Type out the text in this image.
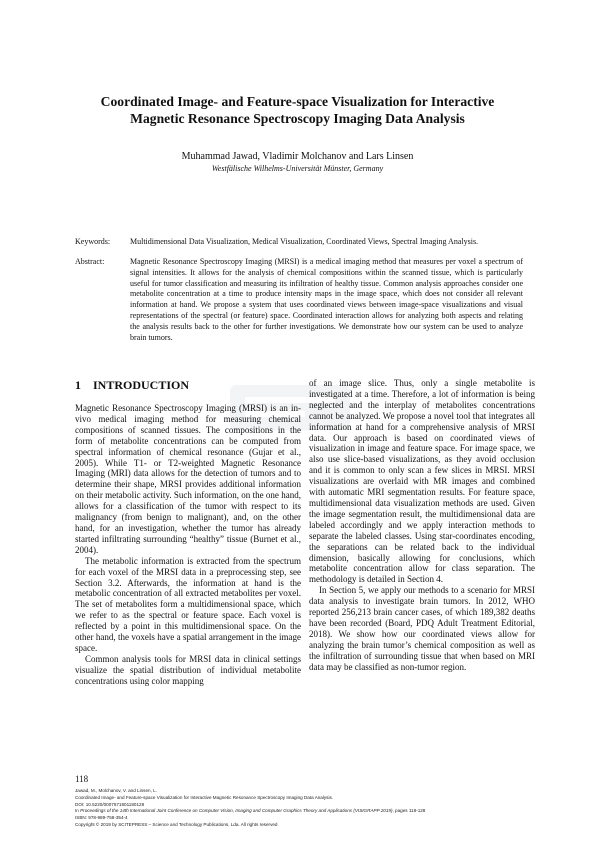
Coordinated Image- and Feature-space Visualization for Interactive
Magnetic Resonance Spectroscopy Imaging Data Analysis
Muhammad Jawad, Vladimir Molchanov and Lars Linsen
Westfälische Wilhelms-Universität Münster, Germany
Keywords: Multidimensional Data Visualization, Medical Visualization, Coordinated Views, Spectral Imaging Analysis.
Abstract:	Magnetic Resonance Spectroscopy Imaging (MRSI) is a medical imaging method that measures per voxel a spectrum of signal intensities. It allows for the analysis of chemical compositions within the scanned tissue, which is particularly useful for tumor classification and measuring its infiltration of healthy tissue. Common analysis approaches consider one metabolite concentration at a time to produce intensity maps in the image space, which does not consider all relevant information at hand. We propose a system that uses coordinated views between image-space visualizations and visual representations of the spectral (or feature) space. Coordinated interaction allows for analyzing both aspects and relating the analysis results back to the other for further investigations. We demonstrate how our system can be used to analyze brain tumors.
1 INTRODUCTION

Magnetic Resonance Spectroscopy Imaging (MRSI) is an in-vivo medical imaging method for measuring chemical compositions of scanned tissues. The compositions in the form of metabolite concentrations can be computed from spectral information of chemical resonance (Gujar et al., 2005). While T1- or T2-weighted Magnetic Resonance Imaging (MRI) data allows for the detection of tumors and to determine their shape, MRSI provides additional information on their metabolic activity. Such information, on the one hand, allows for a classification of the tumor with respect to its malignancy (from benign to malignant), and, on the other hand, for an investigation, whether the tumor has already started infiltrating surrounding “healthy” tissue (Burnet et al., 2004).

The metabolic information is extracted from the spectrum for each voxel of the MRSI data in a preprocessing step, see Section 3.2. Afterwards, the information at hand is the metabolic concentration of all extracted metabolites per voxel. The set of metabolites form a multidimensional space, which we refer to as the spectral or feature space. Each voxel is reflected by a point in this multidimensional space. On the other hand, the voxels have a spatial arrangement in the image space.

Common analysis tools for MRSI data in clinical settings visualize the spatial distribution of individual metabolite concentrations using color mapping

of an image slice. Thus, only a single metabolite is investigated at a time. Therefore, a lot of information is being neglected and the interplay of metabolites concentrations cannot be analyzed. We propose a novel tool that integrates all information at hand for a comprehensive analysis of MRSI data. Our approach is based on coordinated views of visualization in image and feature space. For image space, we also use slice-based visualizations, as they avoid occlusion and it is common to only scan a few slices in MRSI. MRSI visualizations are overlaid with MR images and combined with automatic MRI segmentation results. For feature space, multidimensional data visualization methods are used. Given the image segmentation result, the multidimensional data are labeled accordingly and we apply interaction methods to separate the labeled classes. Using star-coordinates encoding, the separations can be related back to the individual dimension, basically allowing for conclusions, which metabolite concentration allow for class separation. The methodology is detailed in Section 4.

In Section 5, we apply our methods to a scenario for MRSI data analysis to investigate brain tumors. In 2012, WHO reported 256,213 brain cancer cases, of which 189,382 deaths have been recorded (Board, PDQ Adult Treatment Editorial, 2018). We show how our coordinated views allow for analyzing the brain tumor’s chemical composition as well as the infiltration of surrounding tissue that when based on MRI data may be classified as non-tumor region.

118
Jawad, M., Molchanov, V. and Linsen, L.
Coordinated Image- and Feature-space Visualization for Interactive Magnetic Resonance Spectroscopy Imaging Data Analysis.
DOI: 10.5220/0007571801180128
In Proceedings of the 14th International Joint Conference on Computer Vision, Imaging and Computer Graphics Theory and Applications (VISIGRAPP 2019), pages 118-128
ISBN: 978-989-758-354-4
Copyright © 2019 by SCITEPRESS – Science and Technology Publications, Lda. All rights reserved
